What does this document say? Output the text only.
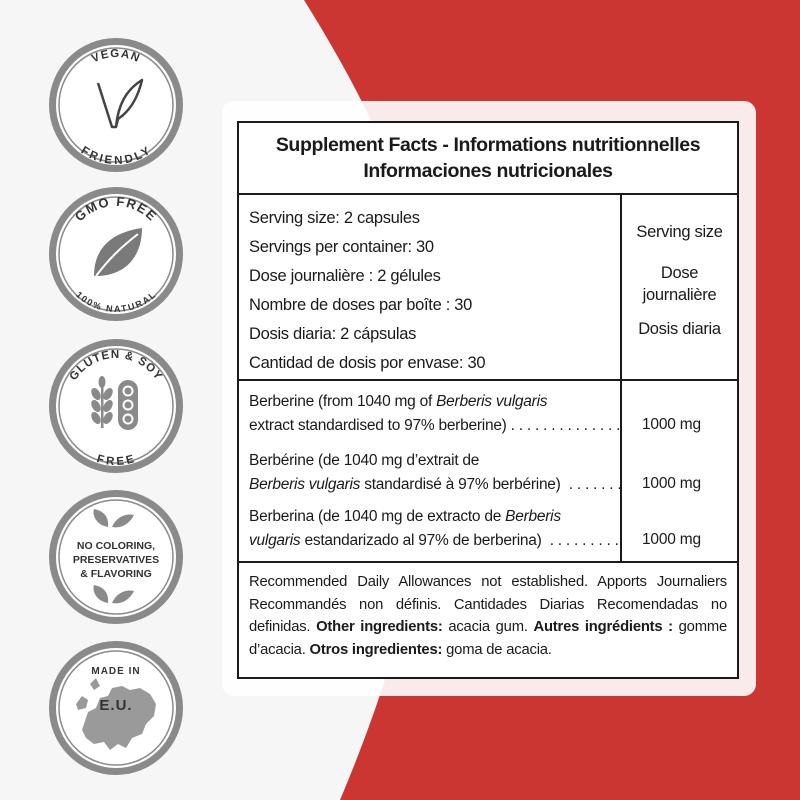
VEGAN
FRIENDLY
GMO FREE
100% NATURAL
GLUTEN & SOY
FREE
NO COLORING,
PRESERVATIVES
& FLAVORING
MADE IN
E.U.
Supplement Facts - Informations nutritionnelles
Informaciones nutricionales
Serving size: 2 capsules
Servings per container: 30
Dose journalière : 2 gélules
Nombre de doses par boîte : 30
Dosis diaria: 2 cápsulas
Cantidad de dosis por envase: 30
Serving size
Dose
journalière
Dosis diaria
Berberine (from 1040 mg of Berberis vulgaris
extract standardised to 97% berberine) . . . . . . . . . . . . . . 1000 mg
Berbérine (de 1040 mg d’extrait de
Berberis vulgaris standardisé à 97% berbérine) . . . . . . . 1000 mg
Berberina (de 1040 mg de extracto de Berberis
vulgaris estandarizado al 97% de berberina) . . . . . . . . . 1000 mg
Recommended Daily Allowances not established. Apports Journaliers Recommandés non définis. Cantidades Diarias Recomendadas no definidas. Other ingredients: acacia gum. Autres ingrédients : gomme d’acacia. Otros ingredientes: goma de acacia.
